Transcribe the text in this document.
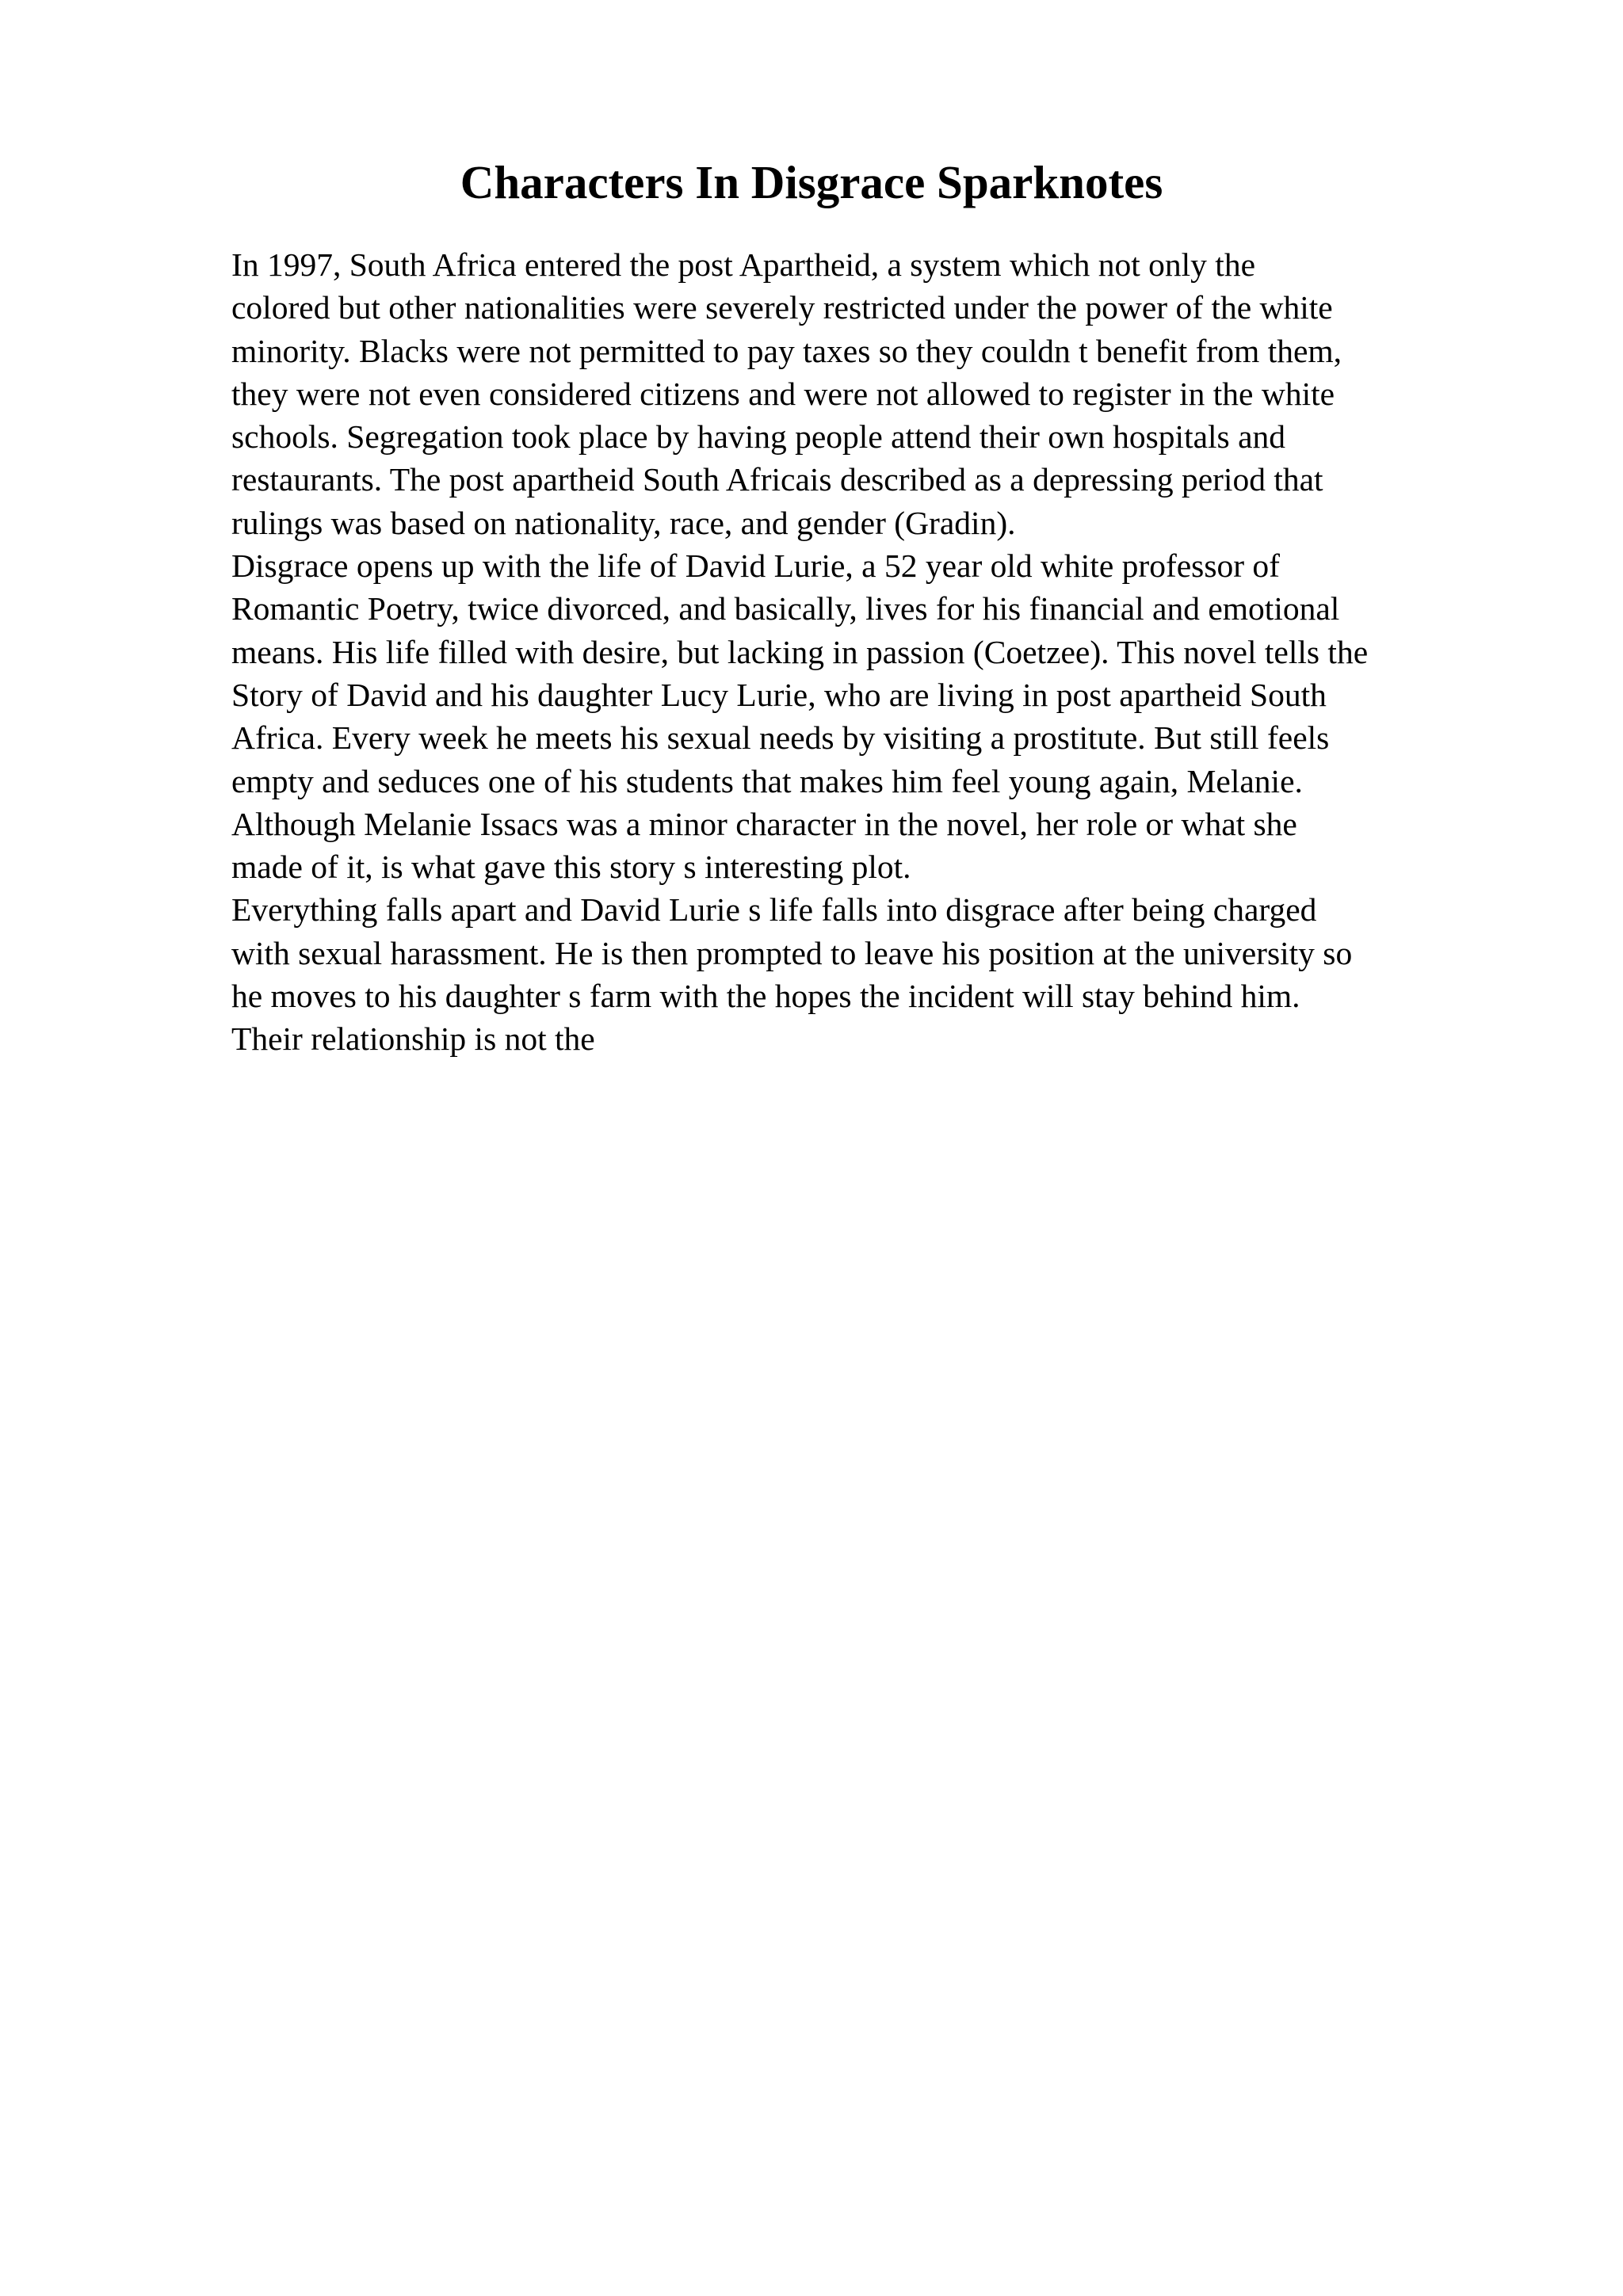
Characters In Disgrace Sparknotes
In 1997, South Africa entered the post Apartheid, a system which not only the
colored but other nationalities were severely restricted under the power of the white
minority. Blacks were not permitted to pay taxes so they couldn t benefit from them,
they were not even considered citizens and were not allowed to register in the white
schools. Segregation took place by having people attend their own hospitals and
restaurants. The post apartheid South Africais described as a depressing period that
rulings was based on nationality, race, and gender (Gradin).
Disgrace opens up with the life of David Lurie, a 52 year old white professor of
Romantic Poetry, twice divorced, and basically, lives for his financial and emotional
means. His life filled with desire, but lacking in passion (Coetzee). This novel tells the
Story of David and his daughter Lucy Lurie, who are living in post apartheid South
Africa. Every week he meets his sexual needs by visiting a prostitute. But still feels
empty and seduces one of his students that makes him feel young again, Melanie.
Although Melanie Issacs was a minor character in the novel, her role or what she
made of it, is what gave this story s interesting plot.
Everything falls apart and David Lurie s life falls into disgrace after being charged
with sexual harassment. He is then prompted to leave his position at the university so
he moves to his daughter s farm with the hopes the incident will stay behind him.
Their relationship is not the
